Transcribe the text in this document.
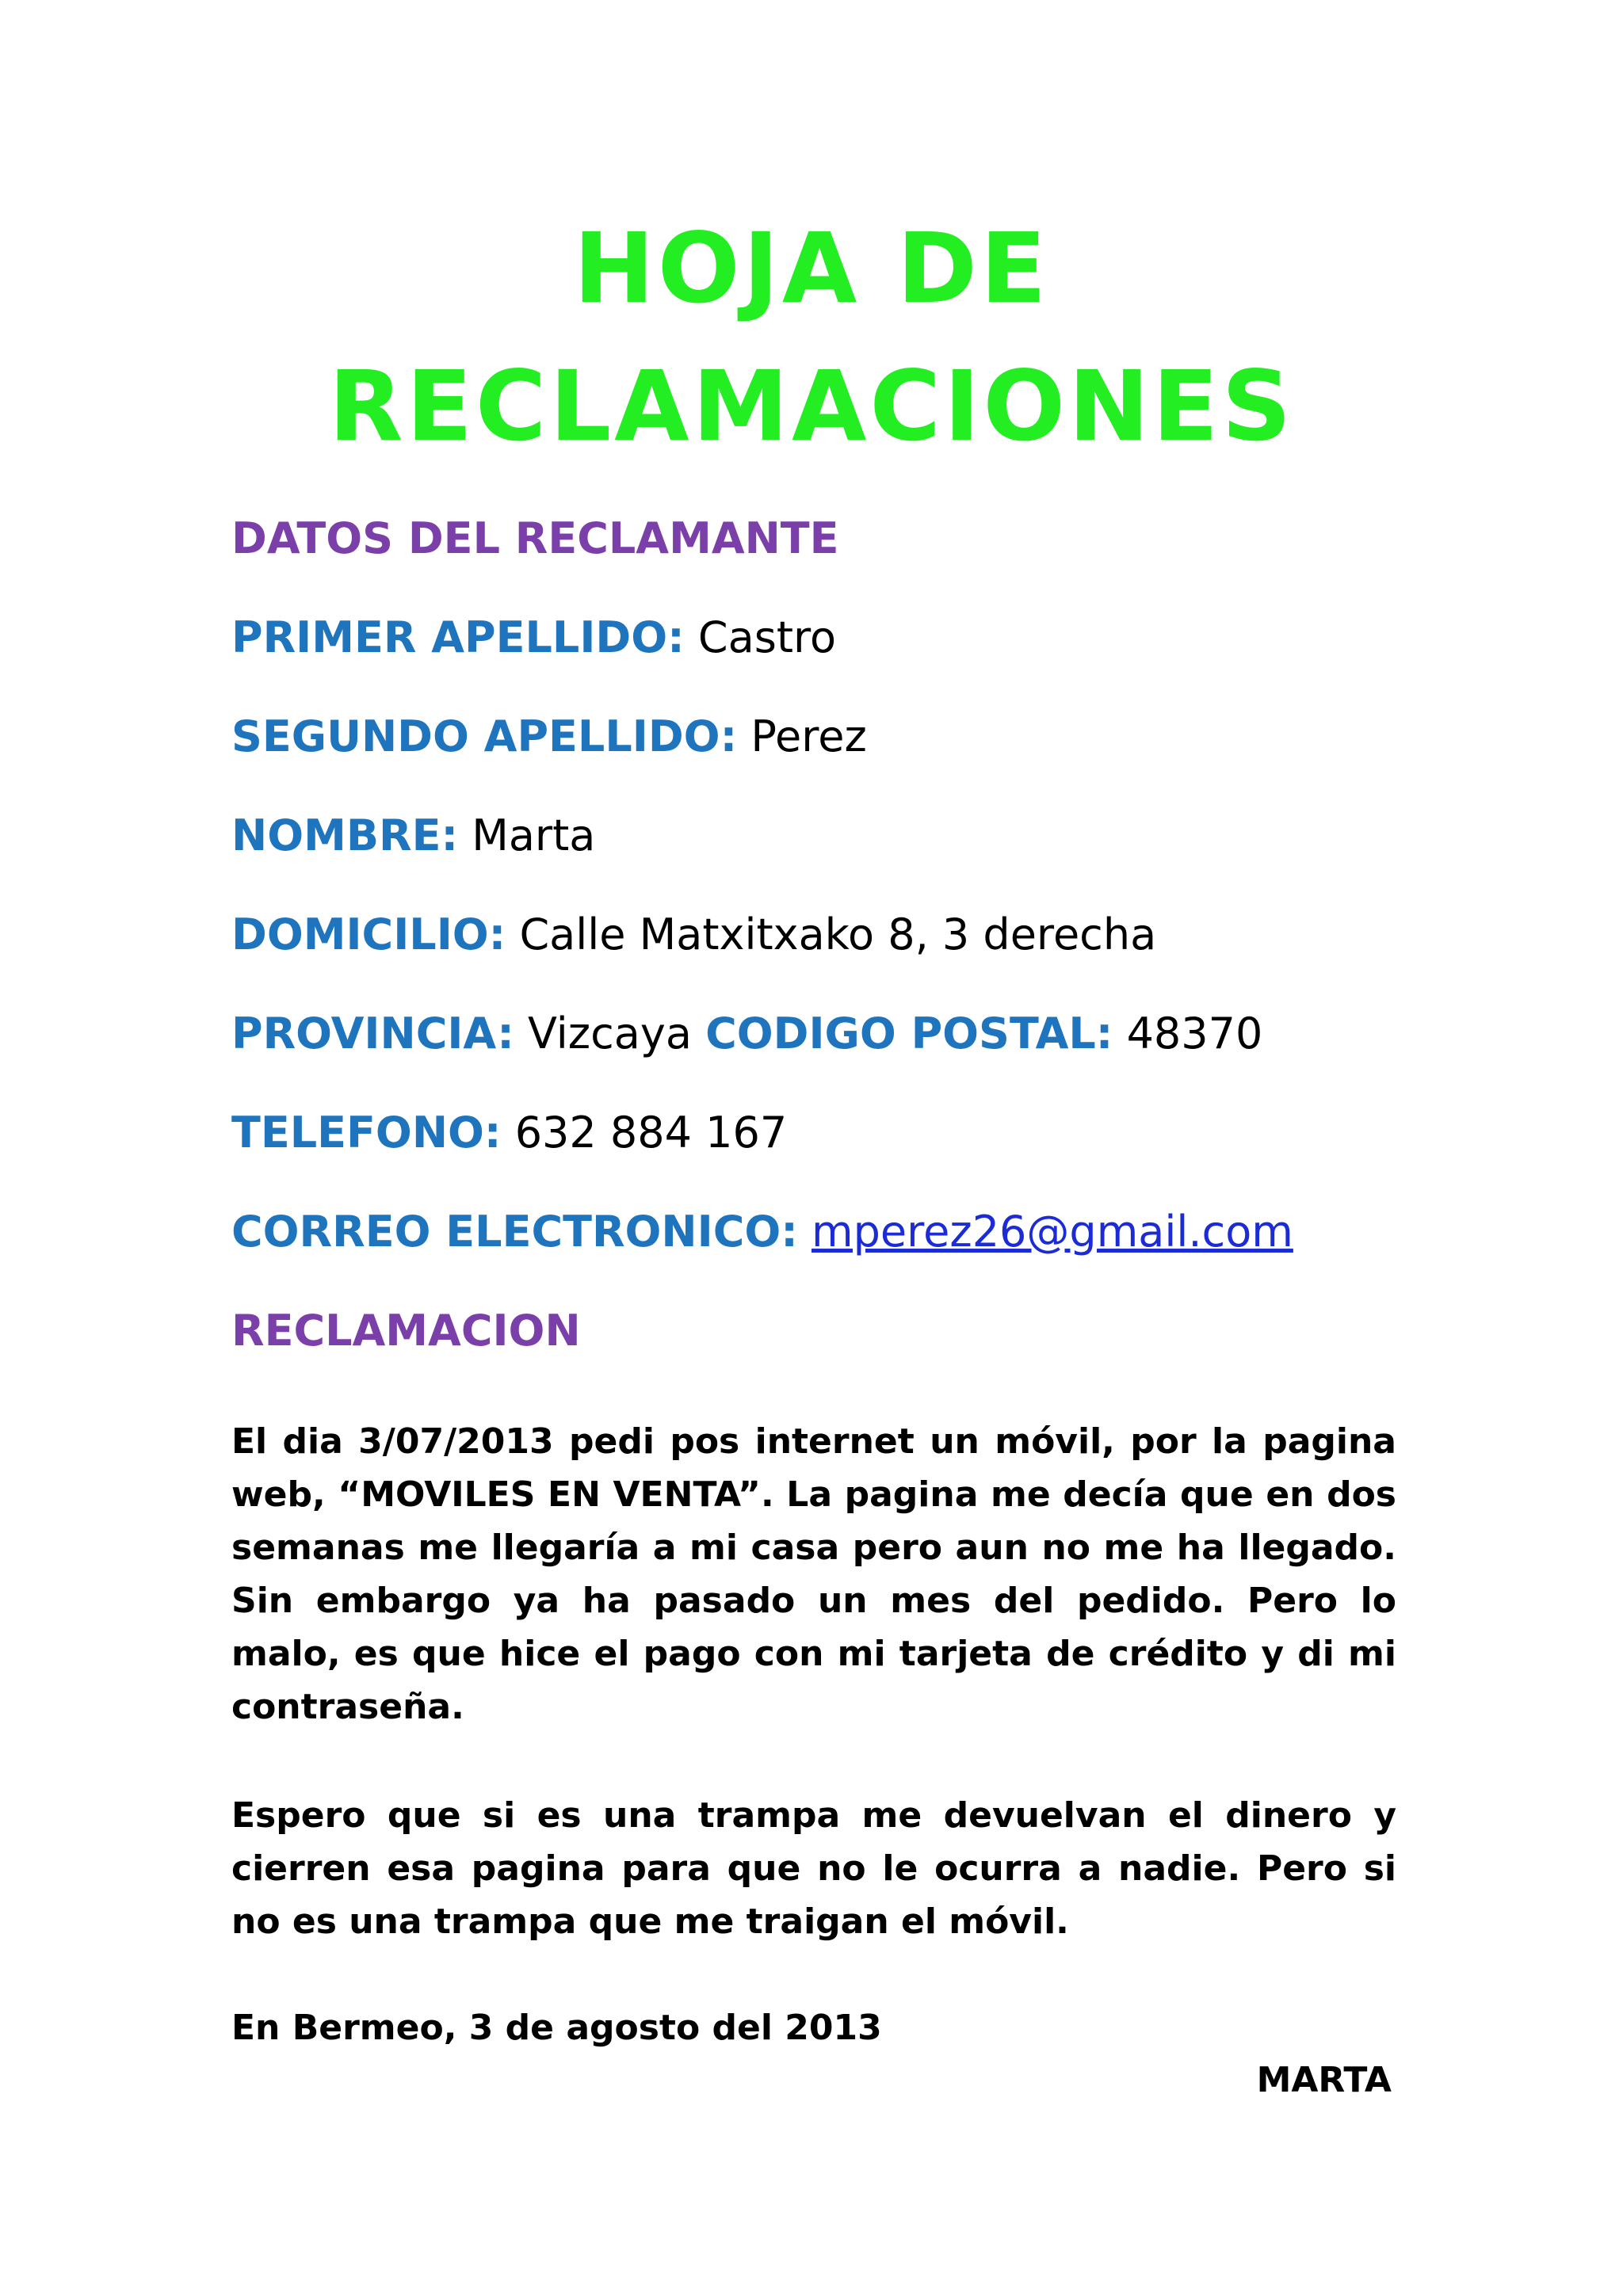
HOJA DE
RECLAMACIONES
DATOS DEL RECLAMANTE
PRIMER APELLIDO: Castro
SEGUNDO APELLIDO: Perez
NOMBRE: Marta
DOMICILIO: Calle Matxitxako 8, 3 derecha
PROVINCIA: Vizcaya CODIGO POSTAL: 48370
TELEFONO: 632 884 167
CORREO ELECTRONICO: mperez26@gmail.com
RECLAMACION

El dia 3/07/2013 pedi pos internet un móvil, por la pagina web, “MOVILES EN VENTA”. La pagina me decía que en dos semanas me llegaría a mi casa pero aun no me ha llegado. Sin embargo ya ha pasado un mes del pedido. Pero lo malo, es que hice el pago con mi tarjeta de crédito y di mi contraseña.

Espero que si es una trampa me devuelvan el dinero y cierren esa pagina para que no le ocurra a nadie. Pero si no es una trampa que me traigan el móvil.

En Bermeo, 3 de agosto del 2013
MARTA
